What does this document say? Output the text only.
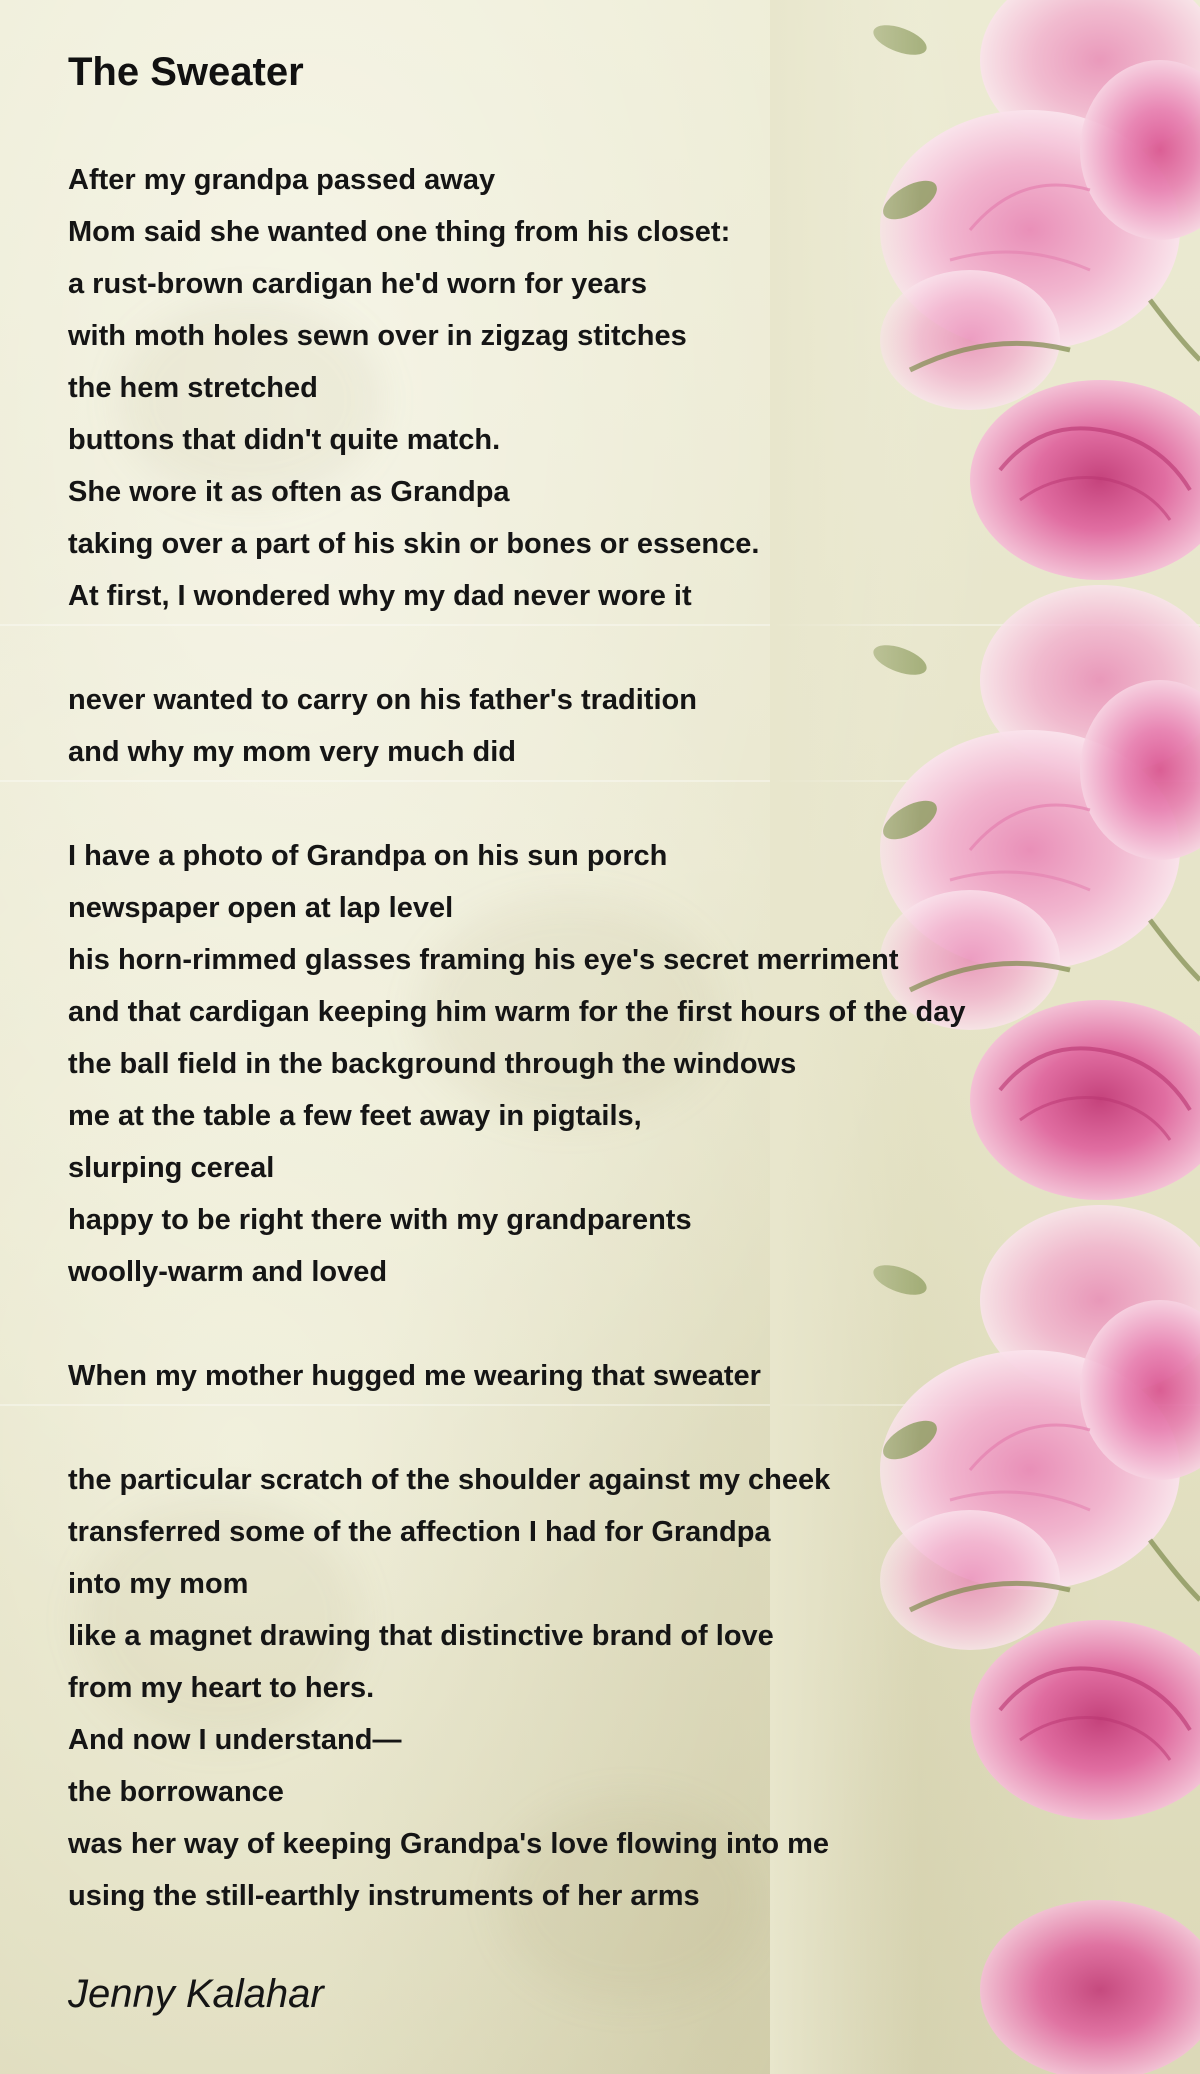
The Sweater
After my grandpa passed away
Mom said she wanted one thing from his closet:
a rust-brown cardigan he'd worn for years
with moth holes sewn over in zigzag stitches
the hem stretched
buttons that didn't quite match.
She wore it as often as Grandpa
taking over a part of his skin or bones or essence.
At first, I wondered why my dad never wore it
never wanted to carry on his father's tradition
and why my mom very much did
I have a photo of Grandpa on his sun porch
newspaper open at lap level
his horn-rimmed glasses framing his eye's secret merriment
and that cardigan keeping him warm for the first hours of the day
the ball field in the background through the windows
me at the table a few feet away in pigtails,
slurping cereal
happy to be right there with my grandparents
woolly-warm and loved
When my mother hugged me wearing that sweater
the particular scratch of the shoulder against my cheek
transferred some of the affection I had for Grandpa
into my mom
like a magnet drawing that distinctive brand of love
from my heart to hers.
And now I understand—
the borrowance
was her way of keeping Grandpa's love flowing into me
using the still-earthly instruments of her arms
Jenny Kalahar
